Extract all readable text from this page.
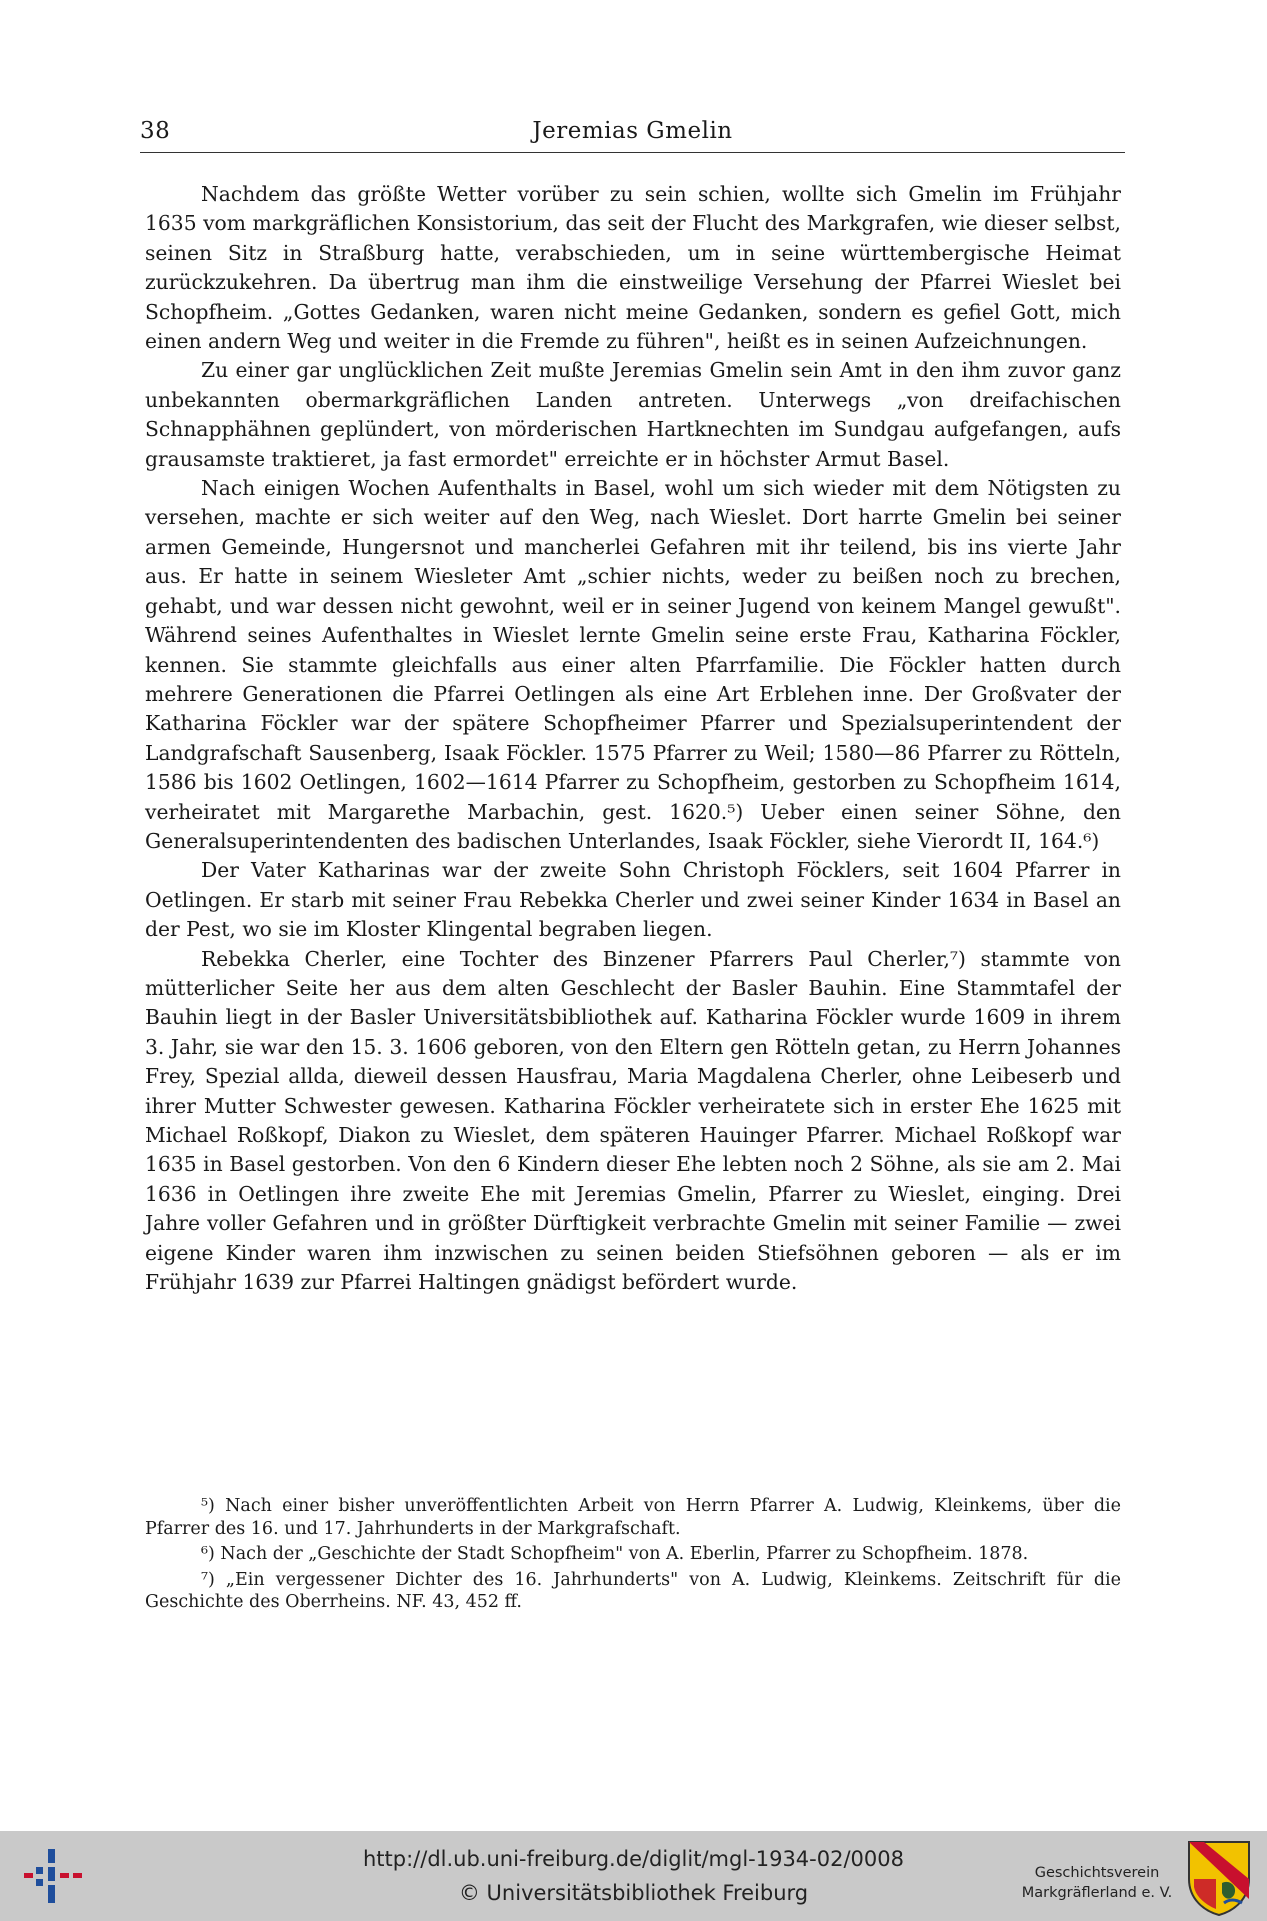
38	Jeremias Gmelin

Nachdem das größte Wetter vorüber zu sein schien, wollte sich Gmelin im Frühjahr 1635 vom markgräflichen Konsistorium, das seit der Flucht des Markgrafen, wie dieser selbst, seinen Sitz in Straßburg hatte, verabschieden, um in seine württembergische Heimat zurückzukehren. Da übertrug man ihm die einstweilige Versehung der Pfarrei Wieslet bei Schopfheim. „Gottes Gedanken, waren nicht meine Gedanken, sondern es gefiel Gott, mich einen andern Weg und weiter in die Fremde zu führen", heißt es in seinen Aufzeichnungen.

Zu einer gar unglücklichen Zeit mußte Jeremias Gmelin sein Amt in den ihm zuvor ganz unbekannten obermarkgräflichen Landen antreten. Unterwegs „von dreifachischen Schnapphähnen geplündert, von mörderischen Hartknechten im Sundgau aufgefangen, aufs grausamste traktieret, ja fast ermordet" erreichte er in höchster Armut Basel.

Nach einigen Wochen Aufenthalts in Basel, wohl um sich wieder mit dem Nötigsten zu versehen, machte er sich weiter auf den Weg, nach Wieslet. Dort harrte Gmelin bei seiner armen Gemeinde, Hungersnot und mancherlei Gefahren mit ihr teilend, bis ins vierte Jahr aus. Er hatte in seinem Wiesleter Amt „schier nichts, weder zu beißen noch zu brechen, gehabt, und war dessen nicht gewohnt, weil er in seiner Jugend von keinem Mangel gewußt". Während seines Aufenthaltes in Wieslet lernte Gmelin seine erste Frau, Katharina Föckler, kennen. Sie stammte gleichfalls aus einer alten Pfarrfamilie. Die Föckler hatten durch mehrere Generationen die Pfarrei Oetlingen als eine Art Erblehen inne. Der Großvater der Katharina Föckler war der spätere Schopfheimer Pfarrer und Spezialsuperintendent der Landgrafschaft Sausenberg, Isaak Föckler. 1575 Pfarrer zu Weil; 1580—86 Pfarrer zu Rötteln, 1586 bis 1602 Oetlingen, 1602—1614 Pfarrer zu Schopfheim, gestorben zu Schopfheim 1614, verheiratet mit Margarethe Marbachin, gest. 1620.⁵) Ueber einen seiner Söhne, den Generalsuperintendenten des badischen Unterlandes, Isaak Föckler, siehe Vierordt II, 164.⁶)

Der Vater Katharinas war der zweite Sohn Christoph Föcklers, seit 1604 Pfarrer in Oetlingen. Er starb mit seiner Frau Rebekka Cherler und zwei seiner Kinder 1634 in Basel an der Pest, wo sie im Kloster Klingental begraben liegen.

Rebekka Cherler, eine Tochter des Binzener Pfarrers Paul Cherler,⁷) stammte von mütterlicher Seite her aus dem alten Geschlecht der Basler Bauhin. Eine Stammtafel der Bauhin liegt in der Basler Universitätsbibliothek auf. Katharina Föckler wurde 1609 in ihrem 3. Jahr, sie war den 15. 3. 1606 geboren, von den Eltern gen Rötteln getan, zu Herrn Johannes Frey, Spezial allda, dieweil dessen Hausfrau, Maria Magdalena Cherler, ohne Leibeserb und ihrer Mutter Schwester gewesen. Katharina Föckler verheiratete sich in erster Ehe 1625 mit Michael Roßkopf, Diakon zu Wieslet, dem späteren Hauinger Pfarrer. Michael Roßkopf war 1635 in Basel gestorben. Von den 6 Kindern dieser Ehe lebten noch 2 Söhne, als sie am 2. Mai 1636 in Oetlingen ihre zweite Ehe mit Jeremias Gmelin, Pfarrer zu Wieslet, einging. Drei Jahre voller Gefahren und in größter Dürftigkeit verbrachte Gmelin mit seiner Familie — zwei eigene Kinder waren ihm inzwischen zu seinen beiden Stiefsöhnen geboren — als er im Frühjahr 1639 zur Pfarrei Haltingen gnädigst befördert wurde.

⁵) Nach einer bisher unveröffentlichten Arbeit von Herrn Pfarrer A. Ludwig, Kleinkems, über die Pfarrer des 16. und 17. Jahrhunderts in der Markgrafschaft.

⁶) Nach der „Geschichte der Stadt Schopfheim" von A. Eberlin, Pfarrer zu Schopfheim. 1878.

⁷) „Ein vergessener Dichter des 16. Jahrhunderts" von A. Ludwig, Kleinkems. Zeitschrift für die Geschichte des Oberrheins. NF. 43, 452 ff.

http://dl.ub.uni-freiburg.de/diglit/mgl-1934-02/0008
© Universitätsbibliothek Freiburg
Geschichtsverein
Markgräflerland e. V.
